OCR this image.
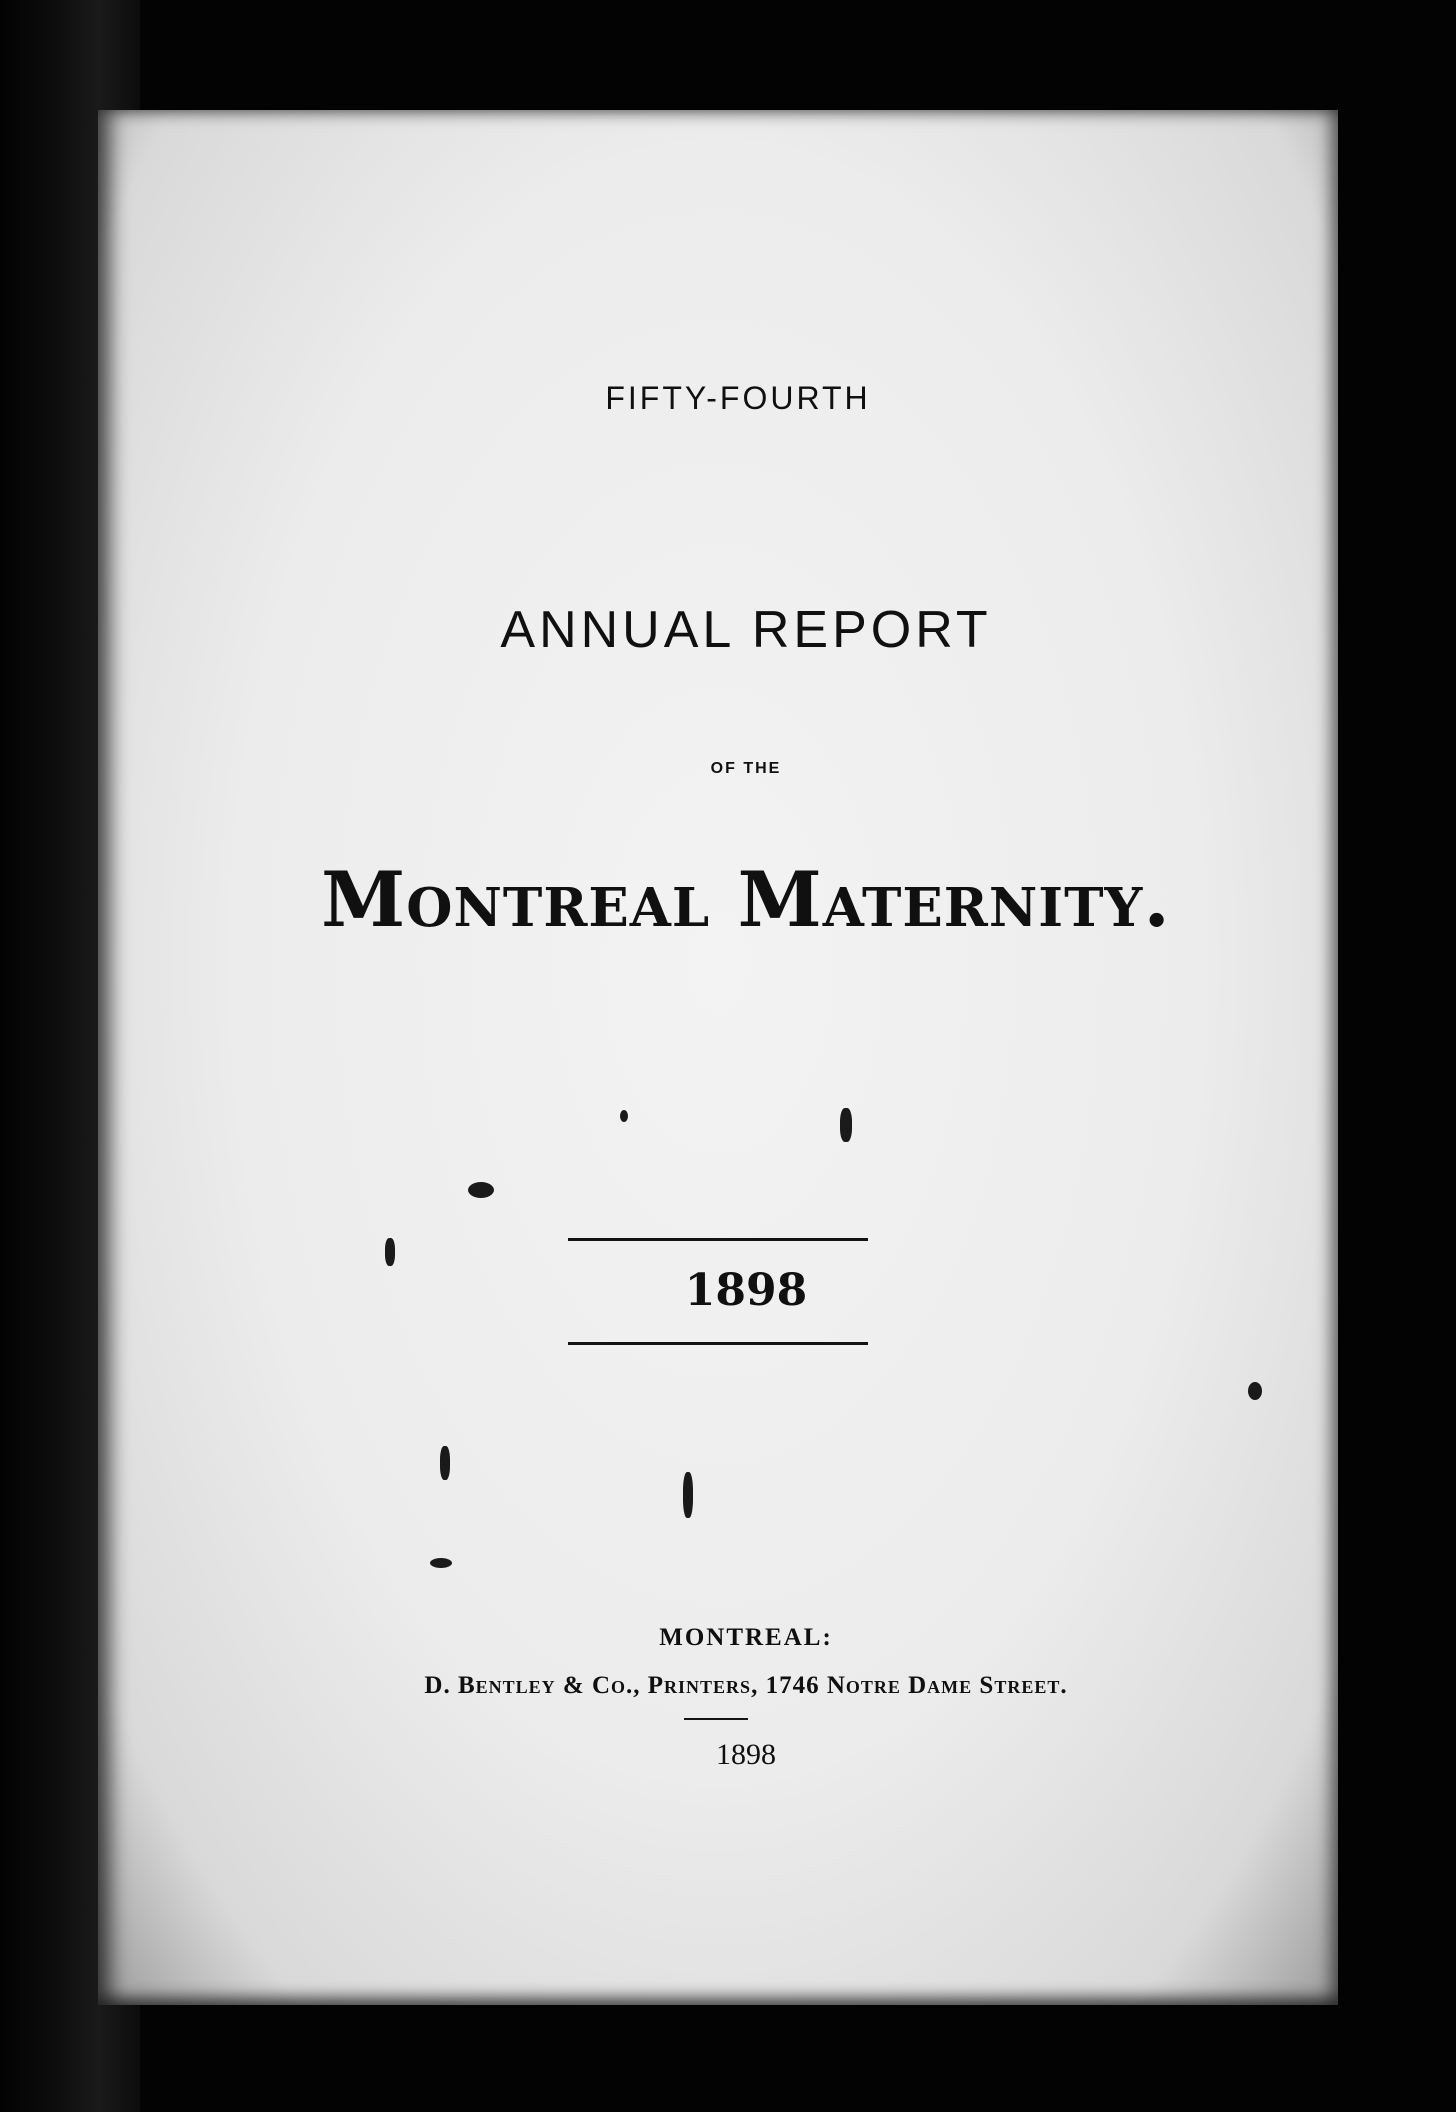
FIFTY-FOURTH

ANNUAL REPORT

OF THE

Montreal Maternity.

1898

MONTREAL:

D. Bentley & Co., Printers, 1746 Notre Dame Street.

1898
